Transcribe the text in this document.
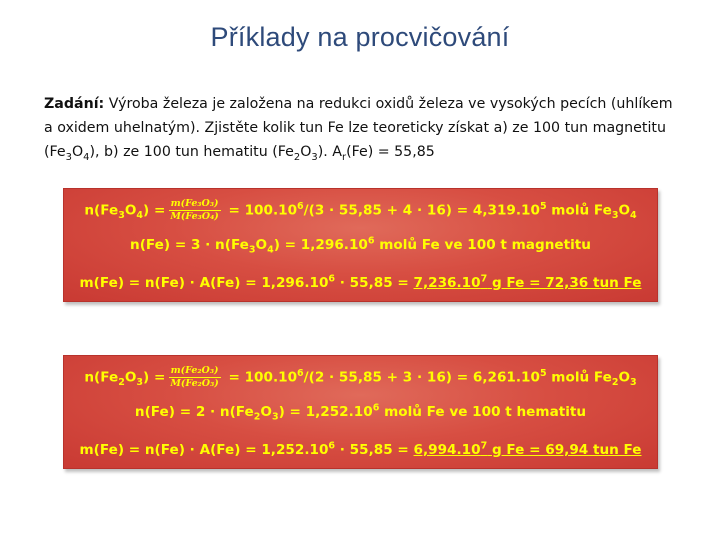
Příklady na procvičování
Zadání: Výroba železa je založena na redukci oxidů železa ve vysokých pecích (uhlíkem a oxidem uhelnatým). Zjistěte kolik tun Fe lze teoreticky získat a) ze 100 tun magnetitu $(Fe_3O_4)$, b) ze 100 tun hematitu $(Fe_2O_3)$. $A_r(Fe) = 55,85$
$n(Fe_3O_4) = \frac{\text{m(Fe₃O₃)}}{\text{M(Fe₃O₄)}} = 100.10^6/(3 \cdot 55,85 + 4 \cdot 16) = 4,319.10^5$ molů $Fe_3O_4$
$n(Fe) = 3 \cdot n(Fe_3O_4) = 1,296.10^6$ molů Fe ve 100 t magnetitu
$m(Fe) = n(Fe) \cdot A(Fe) = 1,296.10^6 \cdot 55,85 = 7,236.10^7$ g Fe = 72,36 tun Fe
$n(Fe_2O_3) = \frac{\text{m(Fe₂O₃)}}{\text{M(Fe₂O₃)}} = 100.10^6/(2 \cdot 55,85 + 3 \cdot 16) = 6,261.10^5$ molů $Fe_2O_3$
$n(Fe) = 2 \cdot n(Fe_2O_3) = 1,252.10^6$ molů Fe ve 100 t hematitu
$m(Fe) = n(Fe) \cdot A(Fe) = 1,252.10^6 \cdot 55,85 = 6,994.10^7$ g Fe = 69,94 tun Fe
